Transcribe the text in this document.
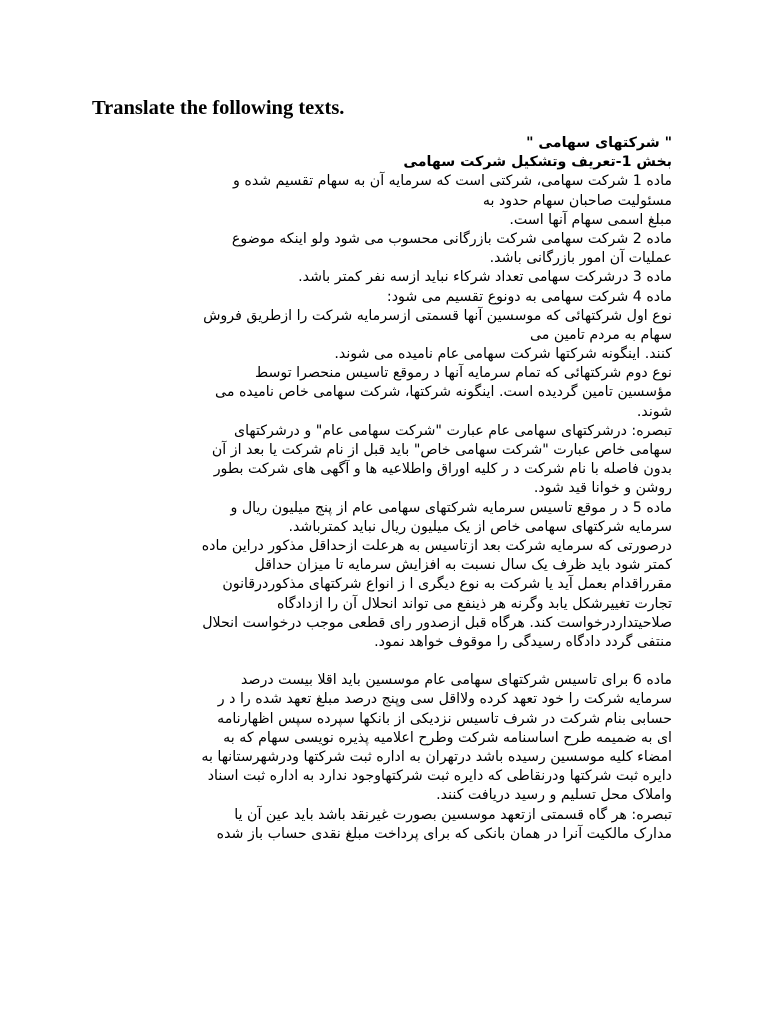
Translate the following texts.
" شرکتهای سهامی "
بخش 1-تعریف وتشکیل شرکت سهامی
ماده 1 شرکت سهامی، شرکتی است که سرمایه آن به سهام تقسیم شده و
مسئولیت صاحبان سهام حدود به
مبلغ اسمی سهام آنها است.
ماده 2 شرکت سهامی شرکت بازرگانی محسوب می شود ولو اینکه موضوع
عملیات آن امور بازرگانی باشد.
ماده 3 درشرکت سهامی تعداد شرکاء نباید ازسه نفر کمتر باشد.
ماده 4 شرکت سهامی به دونوع تقسیم می شود:
نوع اول شرکتهائی که موسسین آنها قسمتی ازسرمایه شرکت را ازطریق فروش
سهام به مردم تامین می
کنند. اینگونه شرکتها شرکت سهامی عام نامیده می شوند.
نوع دوم شرکتهائی که تمام سرمایه آنها د رموقع تاسیس منحصرا توسط
مؤسسین تامین گردیده است. اینگونه شرکتها، شرکت سهامی خاص نامیده می
شوند.
تبصره: درشرکتهای سهامی عام عبارت "شرکت سهامی عام" و درشرکتهای
سهامی خاص عبارت "شرکت سهامی خاص" باید قبل از نام شرکت یا بعد از آن
بدون فاصله با نام شرکت د ر کلیه اوراق واطلاعیه ها و آگهی های شرکت بطور
روشن و خوانا قید شود.
ماده 5 د ر موقع تاسیس سرمایه شرکتهای سهامی عام از پنج میلیون ریال و
سرمایه شرکتهای سهامی خاص از یک میلیون ریال نباید کمترباشد.
درصورتی که سرمایه شرکت بعد ازتاسیس به هرعلت ازحداقل مذکور دراین ماده
کمتر شود باید ظرف یک سال نسبت به افزایش سرمایه تا میزان حداقل
مقرراقدام بعمل آید یا شرکت به نوع دیگری ا ز انواع شرکتهای مذکوردرقانون
تجارت تغییرشکل یابد وگرنه هر ذینفع می تواند انحلال آن را ازدادگاه
صلاحیتداردرخواست کند. هرگاه قبل ازصدور رای قطعی موجب درخواست انحلال
منتفی گردد دادگاه رسیدگی را موقوف خواهد نمود.
ماده 6 برای تاسیس شرکتهای سهامی عام موسسین باید اقلا بیست درصد
سرمایه شرکت را خود تعهد کرده ولااقل سی وپنج درصد مبلغ تعهد شده را د ر
حسابی بنام شرکت در شرف تاسیس نزدیکی از بانکها سپرده سپس اظهارنامه
ای به ضمیمه طرح اساسنامه شرکت وطرح اعلامیه پذیره نویسی سهام که به
امضاء کلیه موسسین رسیده باشد درتهران به اداره ثبت شرکتها ودرشهرستانها به
دایره ثبت شرکتها ودرنقاطی که دایره ثبت شرکتهاوجود ندارد به اداره ثبت اسناد
واملاک محل تسلیم و رسید دریافت کنند.
تبصره: هر گاه قسمتی ازتعهد موسسین بصورت غیرنقد باشد باید عین آن یا
مدارک مالکیت آنرا در همان بانکی که برای پرداخت مبلغ نقدی حساب باز شده
